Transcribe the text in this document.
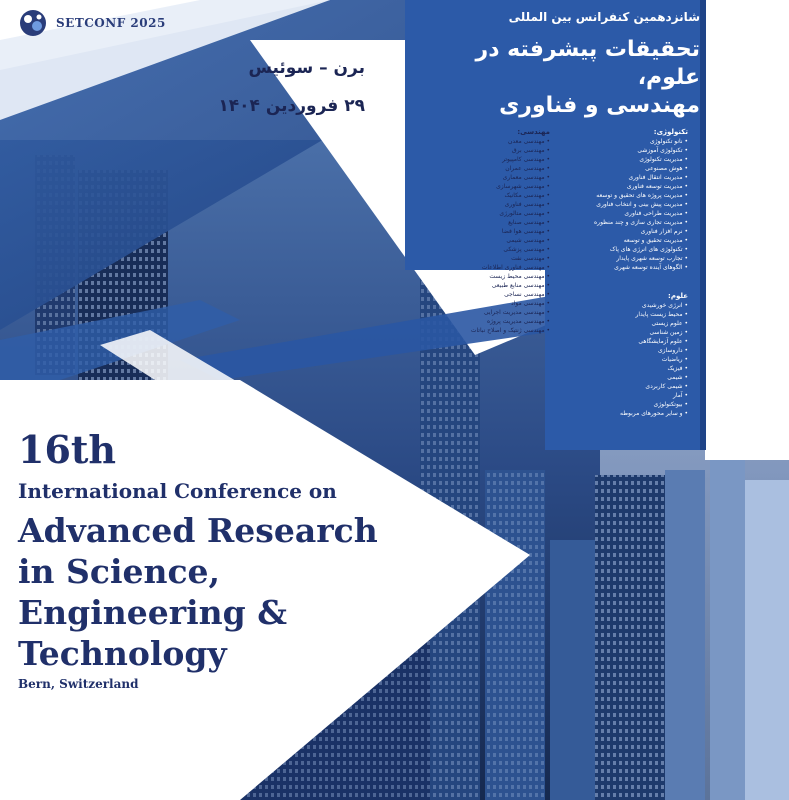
SETCONF 2025
برن – سوئیس
۲۹ فروردین ۱۴۰۴
شانزدهمین کنفرانس بین المللی
تحقیقات پیشرفته در علوم،
مهندسی و فناوری
تکنولوژی:
• نانو تکنولوژی
• تکنولوژی آموزشی
• مدیریت تکنولوژی
• هوش مصنوعی
• مدیریت انتقال فناوری
• مدیریت توسعه فناوری
• مدیریت پروژه های تحقیق و توسعه
• مدیریت پیش بینی و انتخاب فناوری
• مدیریت طراحی فناوری
• مدیریت تجاری سازی و چند منظوره
• نرم افزار فناوری
• مدیریت تحقیق و توسعه
• تکنولوژی های انرژی های پاک
• تجارب توسعه شهری پایدار
• الگوهای آینده توسعه شهری
مهندسی:
• مهندسی معدن
• مهندسی برق
• مهندسی کامپیوتر
• مهندسی عمران
• مهندسی معماری
• مهندسی شهرسازی
• مهندسی مکانیک
• مهندسی فناوری
• مهندسی متالورژی
• مهندسی صنایع
• مهندسی هوا فضا
• مهندسی شیمی
• مهندسی پزشکی
• مهندسی نفت
• مهندسی فناوری اطلاعات
• مهندسی محیط زیست
• مهندسی منابع طبیعی
• مهندسی نساجی
• مهندسی مواد
• مهندسی مدیریت اجرایی
• مهندسی مدیریت پروژه
• مهندسی ژنتیک و اصلاح نباتات
علوم:
• انرژی خورشیدی
• محیط زیست پایدار
• علوم زیستی
• زمین شناسی
• علوم آزمایشگاهی
• داروسازی
• ریاضیات
• فیزیک
• شیمی
• شیمی کاربردی
• آمار
• بیوتکنولوژی
• و سایر محورهای مربوطه
16th
International Conference on
Advanced Research
in Science,
Engineering &
Technology
Bern, Switzerland
